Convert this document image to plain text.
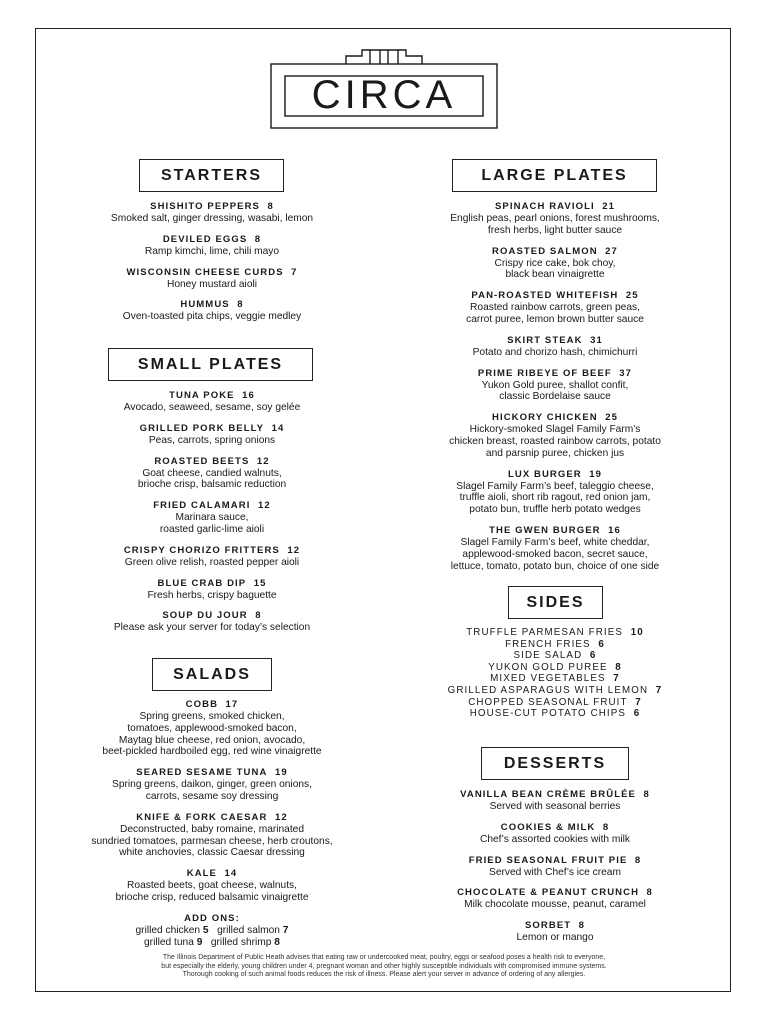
CIRCA
STARTERS
SMALL PLATES
SALADS
LARGE PLATES
SIDES
DESSERTS
SHISHITO PEPPERS 8
Smoked salt, ginger dressing, wasabi, lemon
DEVILED EGGS 8
Ramp kimchi, lime, chili mayo
WISCONSIN CHEESE CURDS 7
Honey mustard aioli
HUMMUS 8
Oven-toasted pita chips, veggie medley
TUNA POKE 16
Avocado, seaweed, sesame, soy gelée
GRILLED PORK BELLY 14
Peas, carrots, spring onions
ROASTED BEETS 12
Goat cheese, candied walnuts,
brioche crisp, balsamic reduction
FRIED CALAMARI 12
Marinara sauce,
roasted garlic-lime aioli
CRISPY CHORIZO FRITTERS 12
Green olive relish, roasted pepper aioli
BLUE CRAB DIP 15
Fresh herbs, crispy baguette
SOUP DU JOUR 8
Please ask your server for today’s selection
COBB 17
Spring greens, smoked chicken,
tomatoes, applewood-smoked bacon,
Maytag blue cheese, red onion, avocado,
beet-pickled hardboiled egg, red wine vinaigrette
SEARED SESAME TUNA 19
Spring greens, daikon, ginger, green onions,
carrots, sesame soy dressing
KNIFE & FORK CAESAR 12
Deconstructed, baby romaine, marinated
sundried tomatoes, parmesan cheese, herb croutons,
white anchovies, classic Caesar dressing
KALE 14
Roasted beets, goat cheese, walnuts,
brioche crisp, reduced balsamic vinaigrette
ADD ONS:
grilled chicken 5 grilled salmon 7
grilled tuna 9 grilled shrimp 8
SPINACH RAVIOLI 21
English peas, pearl onions, forest mushrooms,
fresh herbs, light butter sauce
ROASTED SALMON 27
Crispy rice cake, bok choy,
black bean vinaigrette
PAN-ROASTED WHITEFISH 25
Roasted rainbow carrots, green peas,
carrot puree, lemon brown butter sauce
SKIRT STEAK 31
Potato and chorizo hash, chimichurri
PRIME RIBEYE OF BEEF 37
Yukon Gold puree, shallot confit,
classic Bordelaise sauce
HICKORY CHICKEN 25
Hickory-smoked Slagel Family Farm’s
chicken breast, roasted rainbow carrots, potato
and parsnip puree, chicken jus
LUX BURGER 19
Slagel Family Farm’s beef, taleggio cheese,
truffle aioli, short rib ragout, red onion jam,
potato bun, truffle herb potato wedges
THE GWEN BURGER 16
Slagel Family Farm’s beef, white cheddar,
applewood-smoked bacon, secret sauce,
lettuce, tomato, potato bun, choice of one side
TRUFFLE PARMESAN FRIES 10
FRENCH FRIES 6
SIDE SALAD 6
YUKON GOLD PUREE 8
MIXED VEGETABLES 7
GRILLED ASPARAGUS WITH LEMON 7
CHOPPED SEASONAL FRUIT 7
HOUSE-CUT POTATO CHIPS 6
VANILLA BEAN CRÈME BRÛLÉE 8
Served with seasonal berries
COOKIES & MILK 8
Chef’s assorted cookies with milk
FRIED SEASONAL FRUIT PIE 8
Served with Chef’s ice cream
CHOCOLATE & PEANUT CRUNCH 8
Milk chocolate mousse, peanut, caramel
SORBET 8
Lemon or mango
The Illinois Department of Public Heath advises that eating raw or undercooked meat, poultry, eggs or seafood poses a health risk to everyone,
but especially the elderly, young children under 4, pregnant woman and other highly susceptible individuals with compromised immune systems.
Thorough cooking of such animal foods reduces the risk of illness. Please alert your server in advance of ordering of any allergies.
